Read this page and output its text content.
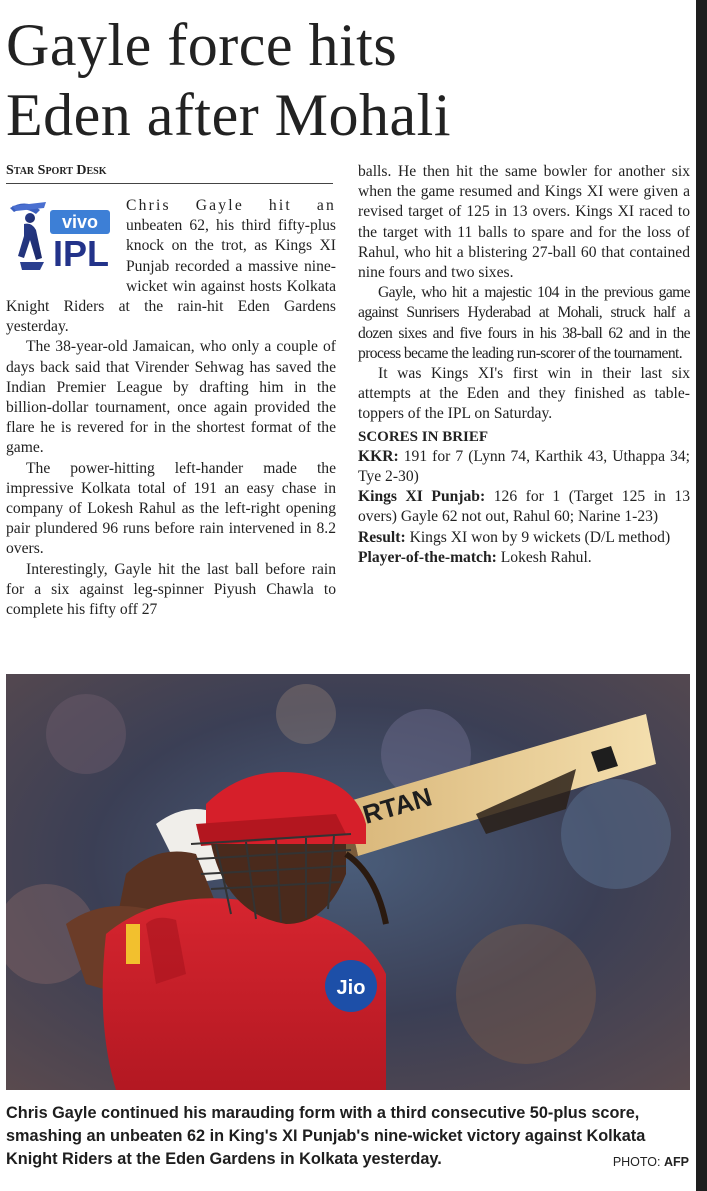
Gayle force hits
Eden after Mohali
Star Sport Desk
vivo
IPL

Chris Gayle hit an unbeaten 62, his third fifty-plus knock on the trot, as Kings XI Punjab recorded a massive nine-wicket win against hosts Kolkata Knight Riders at the rain-hit Eden Gardens yesterday.

The 38-year-old Jamaican, who only a couple of days back said that Virender Sehwag has saved the Indian Premier League by drafting him in the billion-dollar tournament, once again provided the flare he is revered for in the shortest format of the game.

The power-hitting left-hander made the impressive Kolkata total of 191 an easy chase in company of Lokesh Rahul as the left-right opening pair plundered 96 runs before rain intervened in 8.2 overs.

Interestingly, Gayle hit the last ball before rain for a six against leg-spinner Piyush Chawla to complete his fifty off 27

balls. He then hit the same bowler for another six when the game resumed and Kings XI were given a revised target of 125 in 13 overs. Kings XI raced to the target with 11 balls to spare and for the loss of Rahul, who hit a blistering 27-ball 60 that contained nine fours and two sixes.

Gayle, who hit a majestic 104 in the previous game against Sunrisers Hyderabad at Mohali, struck half a dozen sixes and five fours in his 38-ball 62 and in the process became the leading run-scorer of the tournament.

It was Kings XI's first win in their last six attempts at the Eden and they finished as table-toppers of the IPL on Saturday.

SCORES IN BRIEF

KKR: 191 for 7 (Lynn 74, Karthik 43, Uthappa 34; Tye 2-30)

Kings XI Punjab: 126 for 1 (Target 125 in 13 overs) Gayle 62 not out, Rahul 60; Narine 1-23)

Result: Kings XI won by 9 wickets (D/L method)

Player-of-the-match: Lokesh Rahul.

RTAN
Jio
Chris Gayle continued his marauding form with a third consecutive 50-plus score, smashing an unbeaten 62 in King's XI Punjab's nine-wicket victory against Kolkata Knight Riders at the Eden Gardens in Kolkata yesterday.	PHOTO: AFP
